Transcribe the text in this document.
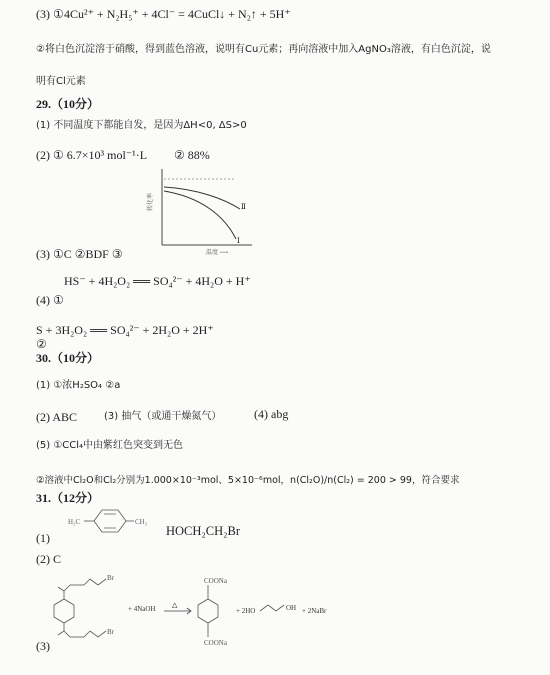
(3) ① 4Cu²⁺ + N₂H₅⁺ + 4Cl⁻ = 4CuCl↓ + N₂↑ + 5H⁺
②将白色沉淀溶于硝酸，得到蓝色溶液，说明有Cu元素；再向溶液中加入AgNO₃溶液，有白色沉淀，说
明有Cl元素
29.（10分）
(1) 不同温度下都能自发，是因为ΔH<0, ΔS>0
(2) ① 6.7×10³ mol⁻¹·L ② 88%
转化率	Ⅱ
Ⅰ
温度 ⟶
(3) ①C ②BDF ③
HS⁻ + 4H₂O₂ ══ SO₄²⁻ + 4H₂O + H⁺
(4) ①
S + 3H₂O₂ ══ SO₄²⁻ + 2H₂O + 2H⁺
②
30.（10分）
(1) ①浓H₂SO₄ ②a
(2) ABC	(3) 抽气（或通干燥氮气）	(4) abg
(5) ①CCl₄中由紫红色突变到无色
②溶液中Cl₂O和Cl₂分别为1.000×10⁻³mol、5×10⁻⁶mol，n(Cl₂O)/n(Cl₂) = 200 > 99，符合要求
31.（12分）
(1)
H₃C	CH₃
HOCH₂CH₂Br
(2) C
(3)
Br
Br
+ 4NaOH △
COONa
COONa
+ 2HO	OH + 2NaBr
